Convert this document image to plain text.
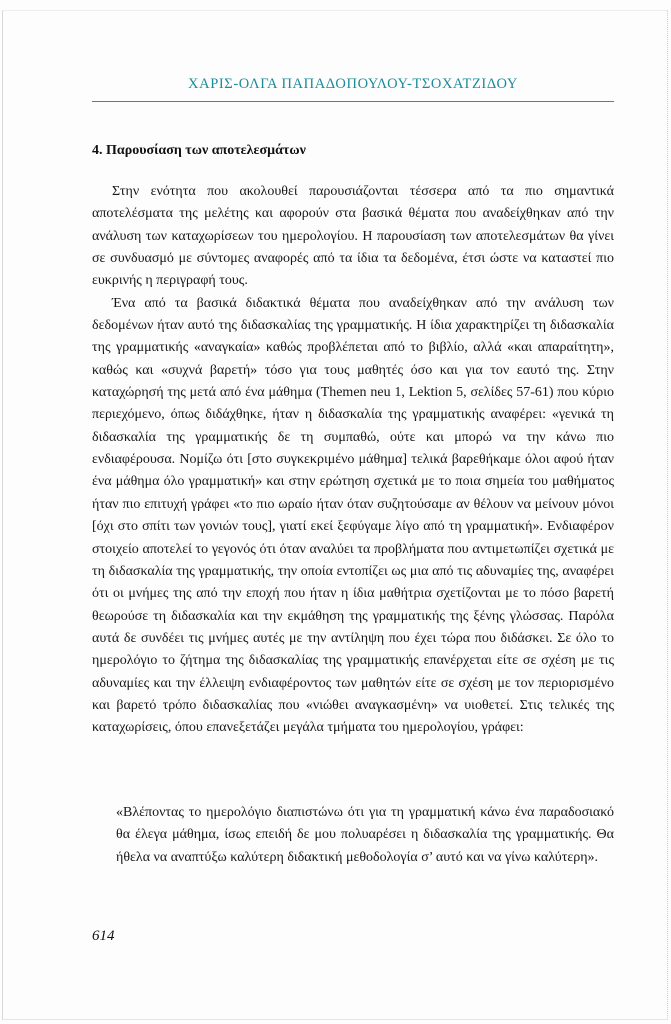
ΧΑΡΙΣ-ΟΛΓΑ ΠΑΠΑΔΟΠΟΥΛΟΥ-ΤΣΟΧΑΤΖΙΔΟΥ
4. Παρουσίαση των αποτελεσμάτων

Στην ενότητα που ακολουθεί παρουσιάζονται τέσσερα από τα πιο σημαντικά αποτελέσματα της μελέτης και αφορούν στα βασικά θέματα που αναδείχθηκαν από την ανάλυση των καταχωρίσεων του ημερολογίου. Η παρουσίαση των αποτελεσμάτων θα γίνει σε συνδυασμό με σύντομες αναφορές από τα ίδια τα δεδομένα, έτσι ώστε να καταστεί πιο ευκρινής η περιγραφή τους.

Ένα από τα βασικά διδακτικά θέματα που αναδείχθηκαν από την ανάλυση των δεδομένων ήταν αυτό της διδασκαλίας της γραμματικής. Η ίδια χαρακτηρίζει τη διδασκαλία της γραμματικής «αναγκαία» καθώς προβλέπεται από το βιβλίο, αλλά «και απαραίτητη», καθώς και «συχνά βαρετή» τόσο για τους μαθητές όσο και για τον εαυτό της. Στην καταχώρησή της μετά από ένα μάθημα (Themen neu 1, Lektion 5, σελίδες 57-61) που κύριο περιεχόμενο, όπως διδάχθηκε, ήταν η διδασκαλία της γραμματικής αναφέρει: «γενικά τη διδασκαλία της γραμματικής δε τη συμπαθώ, ούτε και μπορώ να την κάνω πιο ενδιαφέρουσα. Νομίζω ότι [στο συγκεκριμένο μάθημα] τελικά βαρεθήκαμε όλοι αφού ήταν ένα μάθημα όλο γραμματική» και στην ερώτηση σχετικά με το ποια σημεία του μαθήματος ήταν πιο επιτυχή γράφει «το πιο ωραίο ήταν όταν συζητούσαμε αν θέλουν να μείνουν μόνοι [όχι στο σπίτι των γονιών τους], γιατί εκεί ξεφύγαμε λίγο από τη γραμματική». Ενδιαφέρον στοιχείο αποτελεί το γεγονός ότι όταν αναλύει τα προβλήματα που αντιμετωπίζει σχετικά με τη διδασκαλία της γραμματικής, την οποία εντοπίζει ως μια από τις αδυναμίες της, αναφέρει ότι οι μνήμες της από την εποχή που ήταν η ίδια μαθήτρια σχετίζονται με το πόσο βαρετή θεωρούσε τη διδασκαλία και την εκμάθηση της γραμματικής της ξένης γλώσσας. Παρόλα αυτά δε συνδέει τις μνήμες αυτές με την αντίληψη που έχει τώρα που διδάσκει. Σε όλο το ημερολόγιο το ζήτημα της διδασκαλίας της γραμματικής επανέρχεται είτε σε σχέση με τις αδυναμίες και την έλλειψη ενδιαφέροντος των μαθητών είτε σε σχέση με τον περιορισμένο και βαρετό τρόπο διδασκαλίας που «νιώθει αναγκασμένη» να υιοθετεί. Στις τελικές της καταχωρίσεις, όπου επανεξετάζει μεγάλα τμήματα του ημερολογίου, γράφει:

«Βλέποντας το ημερολόγιο διαπιστώνω ότι για τη γραμματική κάνω ένα παραδοσιακό θα έλεγα μάθημα, ίσως επειδή δε μου πολυαρέσει η διδασκαλία της γραμματικής. Θα ήθελα να αναπτύξω καλύτερη διδακτική μεθοδολογία σ’ αυτό και να γίνω καλύτερη».
614
